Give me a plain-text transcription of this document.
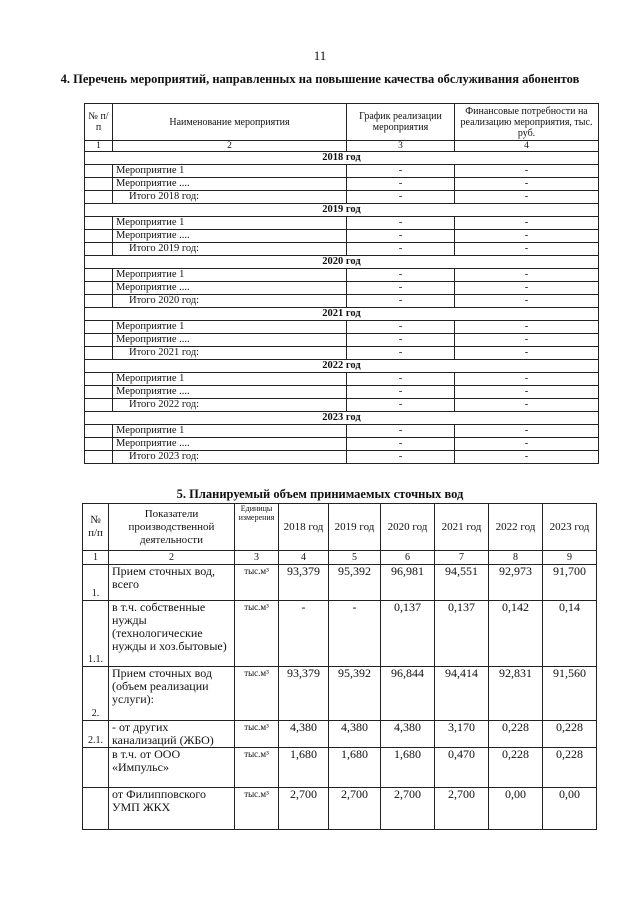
11
4. Перечень мероприятий, направленных на повышение качества обслуживания абонентов
№ п/п	Наименование мероприятия	График реализации мероприятия	Финансовые потребности на реализацию мероприятия, тыс. руб.
1	2	3	4
2018 год			
	Мероприятие 1	-	-
	Мероприятие ....	-	-
	Итого 2018 год:	-	-
2019 год			
	Мероприятие 1	-	-
	Мероприятие ....	-	-
	Итого 2019 год:	-	-
2020 год			
	Мероприятие 1	-	-
	Мероприятие ....	-	-
	Итого 2020 год:	-	-
2021 год			
	Мероприятие 1	-	-
	Мероприятие ....	-	-
	Итого 2021 год:	-	-
2022 год			
	Мероприятие 1	-	-
	Мероприятие ....	-	-
	Итого 2022 год:	-	-
2023 год			
	Мероприятие 1	-	-
	Мероприятие ....	-	-
	Итого 2023 год:	-	-
5. Планируемый объем принимаемых сточных вод
№ п/п	Показатели производственной деятельности	Единицы измерения	2018 год	2019 год	2020 год	2021 год	2022 год	2023 год
1	2	3	4	5	6	7	8	9
1.	Прием сточных вод, всего	тыс.м³	93,379	95,392	96,981	94,551	92,973	91,700
1.1.	в т.ч. собственные нужды (технологические нужды и хоз.бытовые)	тыс.м³	-	-	0,137	0,137	0,142	0,14
2.	Прием сточных вод (объем реализации услуги):	тыс.м³	93,379	95,392	96,844	94,414	92,831	91,560
2.1.	- от других канализаций (ЖБО)	тыс.м³	4,380	4,380	4,380	3,170	0,228	0,228
	в т.ч. от ООО «Импульс»	тыс.м³	1,680	1,680	1,680	0,470	0,228	0,228
	от Филипповского УМП ЖКХ	тыс.м³	2,700	2,700	2,700	2,700	0,00	0,00
